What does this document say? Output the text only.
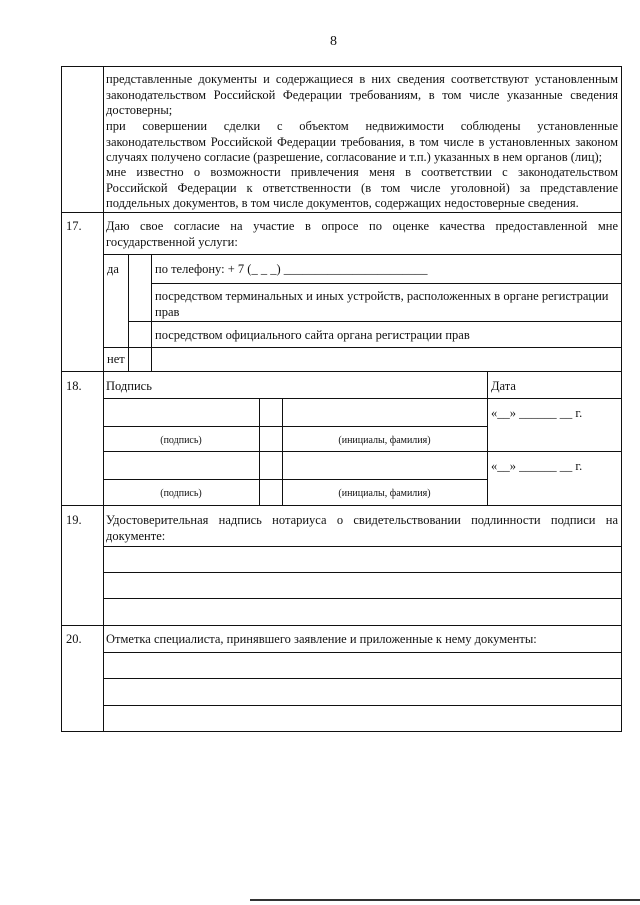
8
представленные документы и содержащиеся в них сведения соответствуют установленным законодательством Российской Федерации требованиям, в том числе указанные сведения достоверны;
при совершении сделки с объектом недвижимости соблюдены установленные законодательством Российской Федерации требования, в том числе в установленных законом случаях получено согласие (разрешение, согласование и т.п.) указанных в нем органов (лиц);
мне известно о возможности привлечения меня в соответствии с законодательством Российской Федерации к ответственности (в том числе уголовной) за представление поддельных документов, в том числе документов, содержащих недостоверные сведения.
17. Даю свое согласие на участие в опросе по оценке качества предоставленной мне государственной услуги:
да	по телефону: + 7 (_ _ _) _______________________
посредством терминальных и иных устройств, расположенных в органе регистрации прав
посредством официального сайта органа регистрации прав
нет
18. Подпись	Дата
«__» ______ __ г.
(подпись)	(инициалы, фамилия)
«__» ______ __ г.
(подпись)	(инициалы, фамилия)
19. Удостоверительная надпись нотариуса о свидетельствовании подлинности подписи на документе:
20. Отметка специалиста, принявшего заявление и приложенные к нему документы:
